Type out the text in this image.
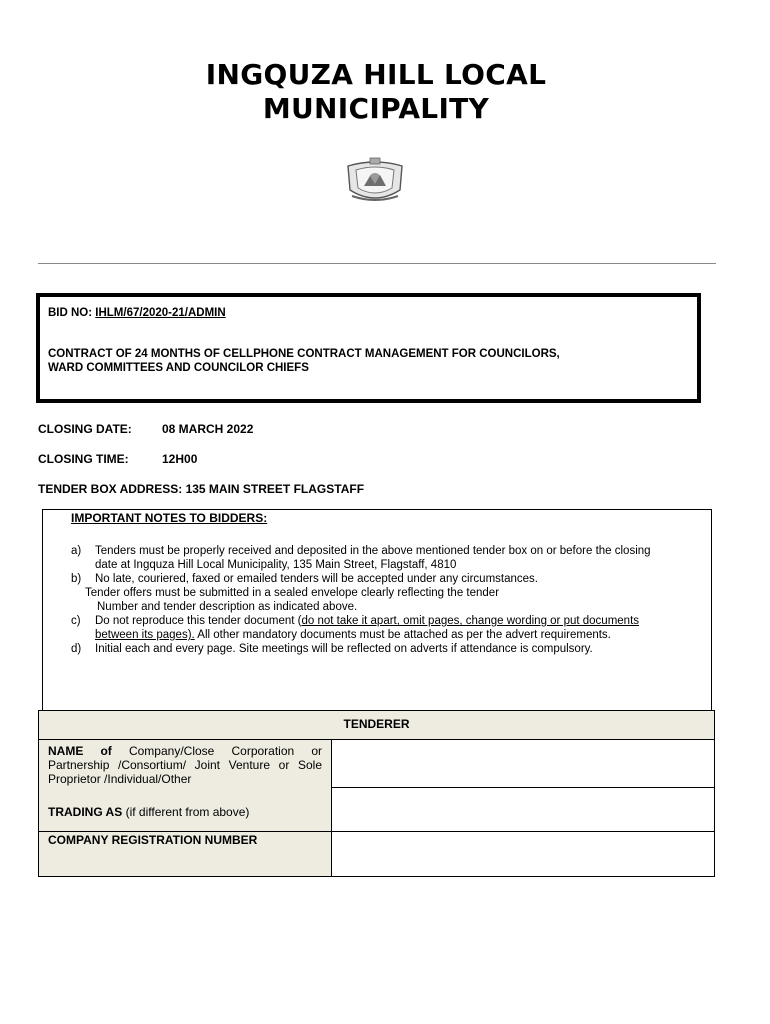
INGQUZA HILL LOCAL
MUNICIPALITY
BID NO: IHLM/67/2020-21/ADMIN
CONTRACT OF 24 MONTHS OF CELLPHONE CONTRACT MANAGEMENT FOR COUNCILORS,
WARD COMMITTEES AND COUNCILOR CHIEFS
CLOSING DATE:	08 MARCH 2022
CLOSING TIME:	12H00
TENDER BOX ADDRESS: 135 MAIN STREET FLAGSTAFF
IMPORTANT NOTES TO BIDDERS:
a) Tenders must be properly received and deposited in the above mentioned tender box on or before the closing
date at Ingquza Hill Local Municipality, 135 Main Street, Flagstaff, 4810
b) No late, couriered, faxed or emailed tenders will be accepted under any circumstances.
Tender offers must be submitted in a sealed envelope clearly reflecting the tender
Number and tender description as indicated above.
c) Do not reproduce this tender document (do not take it apart, omit pages, change wording or put documents
between its pages). All other mandatory documents must be attached as per the advert requirements.
d) Initial each and every page. Site meetings will be reflected on adverts if attendance is compulsory.
TENDERER
NAME of Company/Close Corporation or Partnership /Consortium/ Joint Venture or Sole Proprietor /Individual/Other
TRADING AS (if different from above)
COMPANY REGISTRATION NUMBER
